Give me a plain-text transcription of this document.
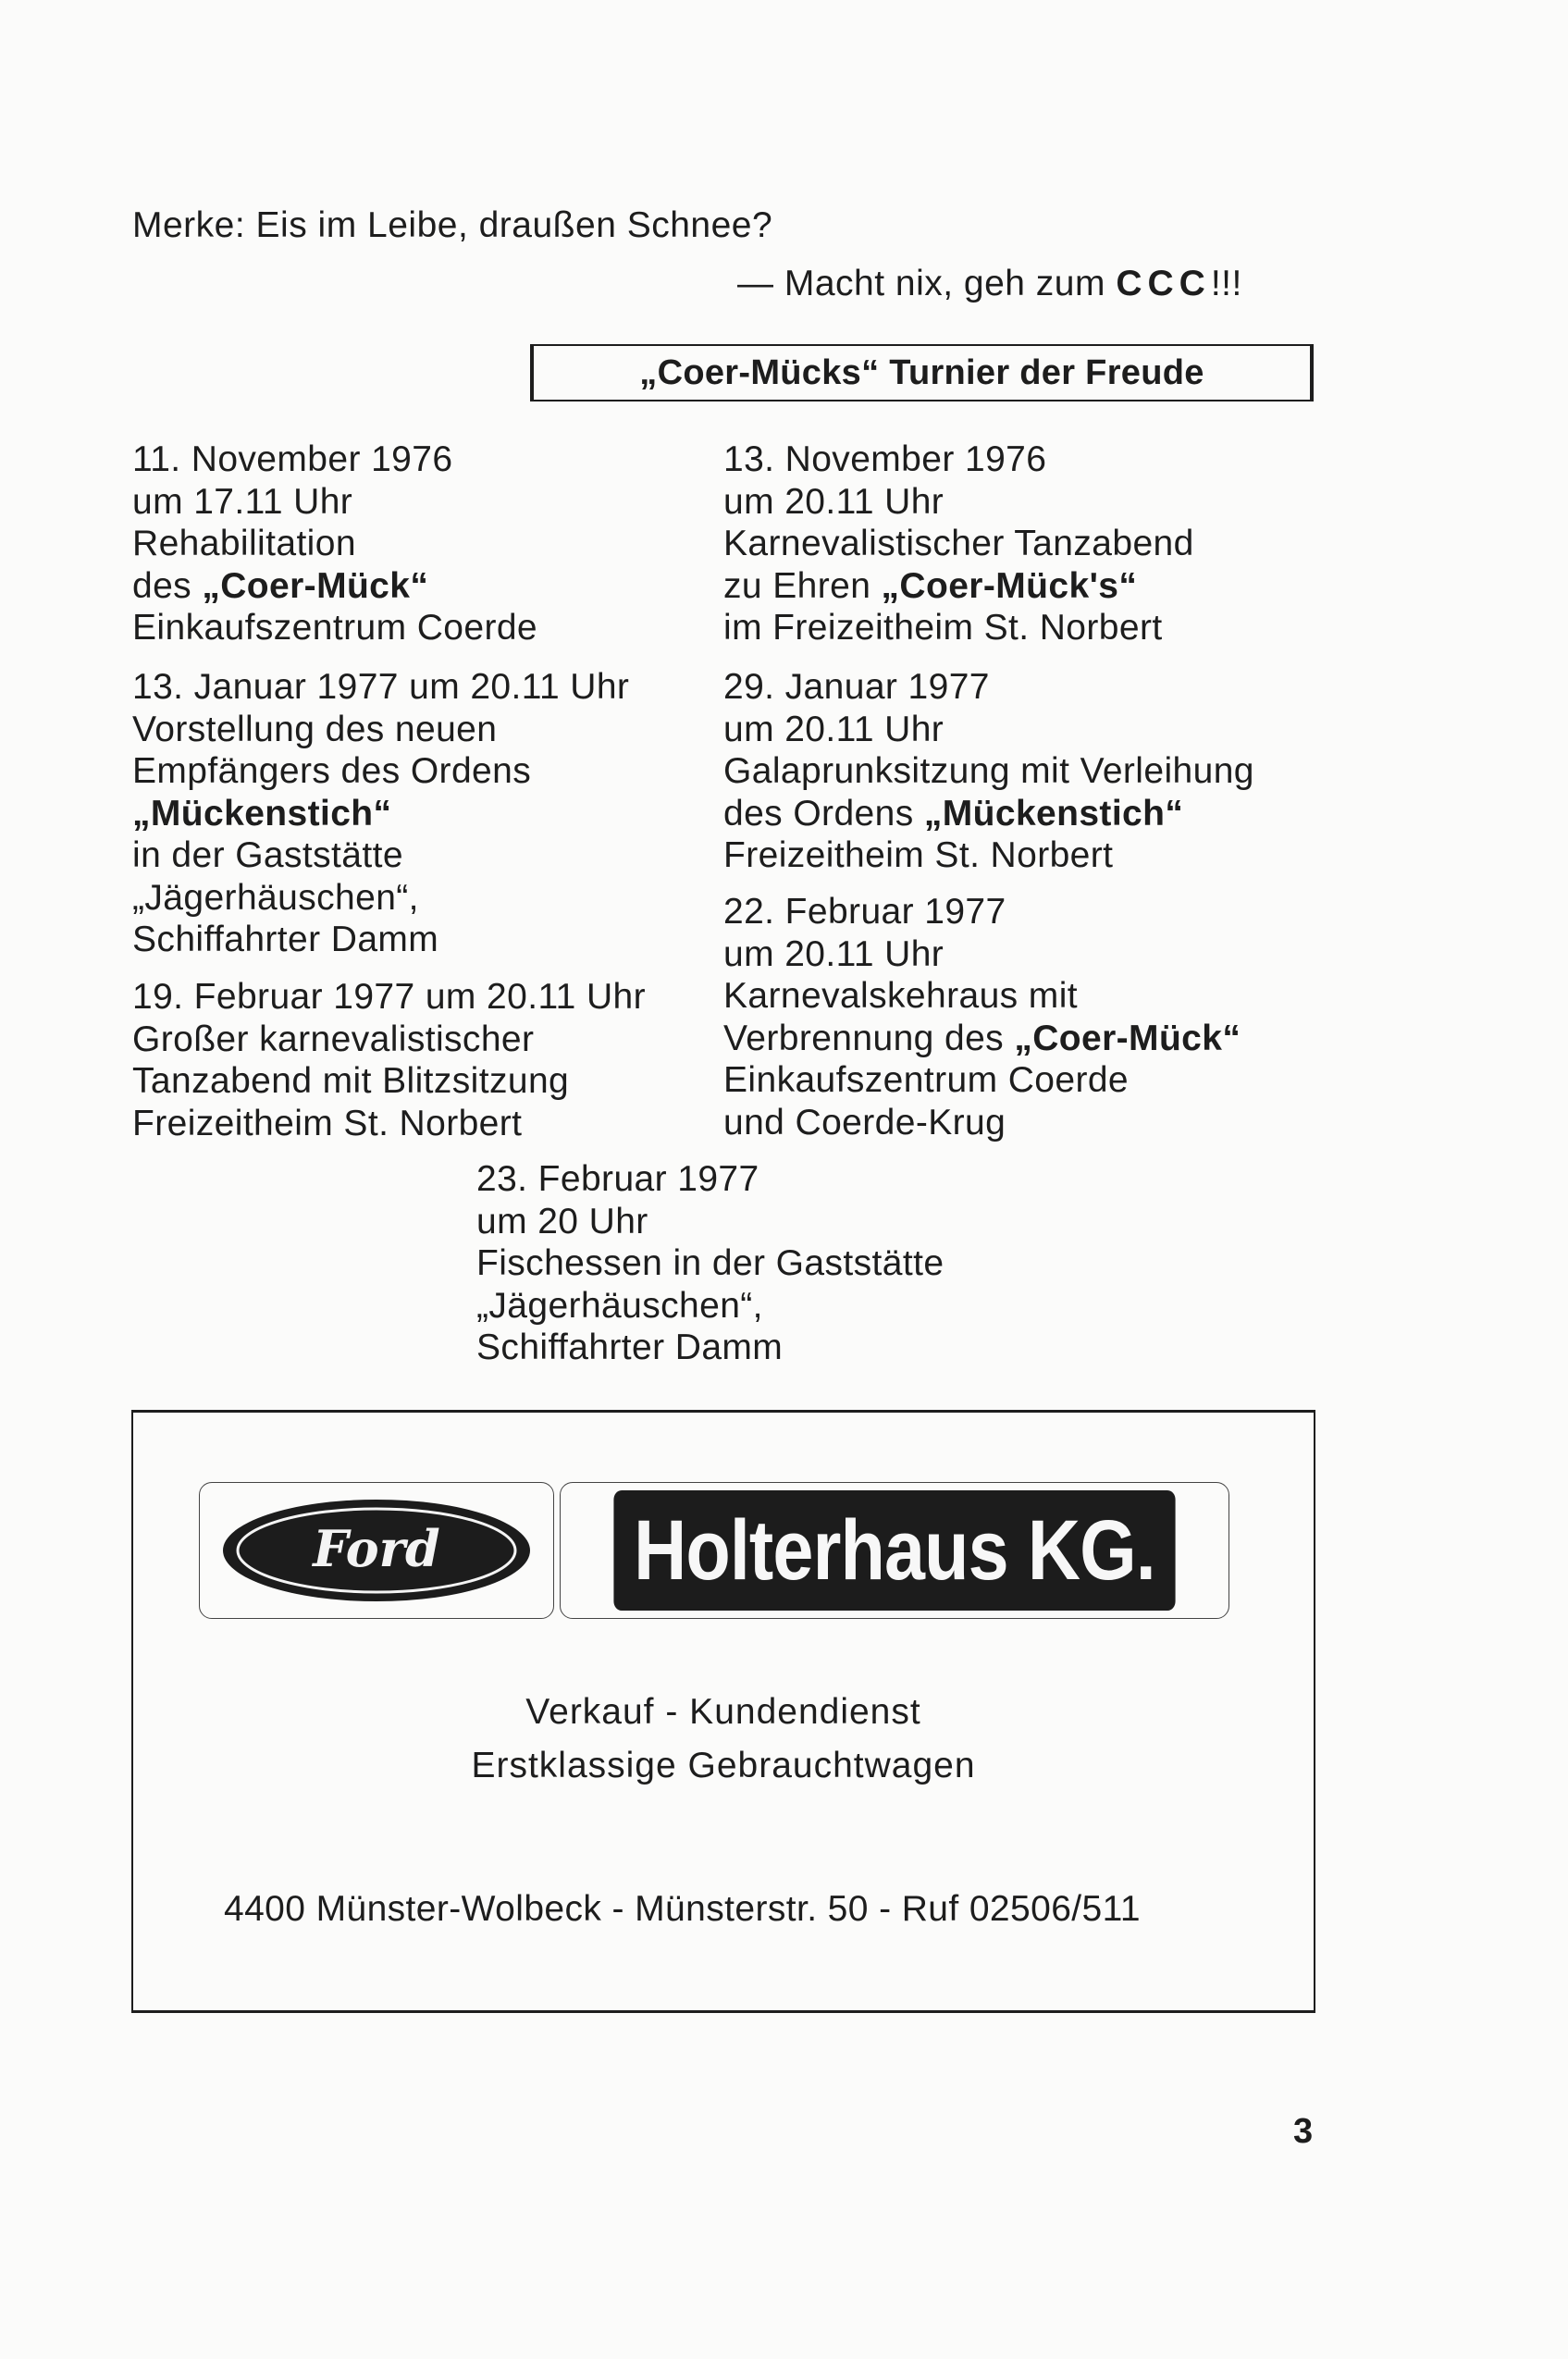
Merke: Eis im Leibe, draußen Schnee?
— Macht nix, geh zum CCC!!!
„Coer-Mücks“ Turnier der Freude
11. November 1976
um 17.11 Uhr
Rehabilitation
des „Coer-Mück“
Einkaufszentrum Coerde
13. Januar 1977 um 20.11 Uhr
Vorstellung des neuen
Empfängers des Ordens
„Mückenstich“
in der Gaststätte
„Jägerhäuschen“,
Schiffahrter Damm
19. Februar 1977 um 20.11 Uhr
Großer karnevalistischer
Tanzabend mit Blitzsitzung
Freizeitheim St. Norbert
13. November 1976
um 20.11 Uhr
Karnevalistischer Tanzabend
zu Ehren „Coer-Mück's“
im Freizeitheim St. Norbert
29. Januar 1977
um 20.11 Uhr
Galaprunksitzung mit Verleihung
des Ordens „Mückenstich“
Freizeitheim St. Norbert
22. Februar 1977
um 20.11 Uhr
Karnevalskehraus mit
Verbrennung des „Coer-Mück“
Einkaufszentrum Coerde
und Coerde-Krug
23. Februar 1977
um 20 Uhr
Fischessen in der Gaststätte
„Jägerhäuschen“,
Schiffahrter Damm
Ford Holterhaus KG.
Verkauf - Kundendienst
Erstklassige Gebrauchtwagen
4400 Münster-Wolbeck - Münsterstr. 50 - Ruf 02506/511
3
